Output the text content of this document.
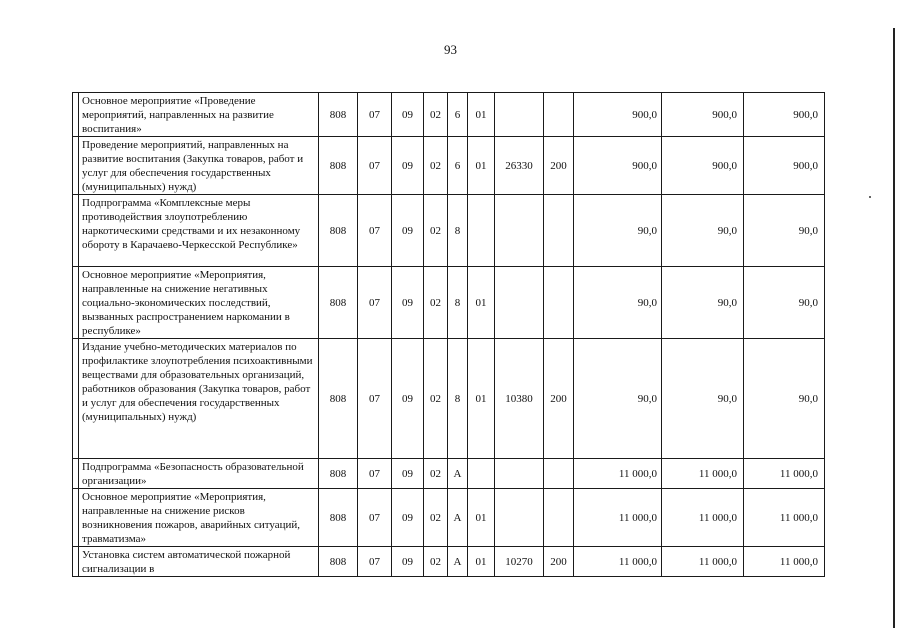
93
	Основное мероприятие «Проведение мероприятий, направленных на развитие воспитания»	808	07	09	02	6	01			900,0	900,0	900,0
	Проведение мероприятий, направленных на развитие воспитания (Закупка товаров, работ и услуг для обеспечения государственных (муниципальных) нужд)	808	07	09	02	6	01	26330	200	900,0	900,0	900,0
	Подпрограмма «Комплексные меры противодействия злоупотреблению наркотическими средствами и их незаконному обороту в Карачаево-Черкесской Республике»	808	07	09	02	8				90,0	90,0	90,0
	Основное мероприятие «Мероприятия, направленные на снижение негативных социально-экономических последствий, вызванных распространением наркомании в республике»	808	07	09	02	8	01			90,0	90,0	90,0
	Издание учебно-методических материалов по профилактике злоупотребления психоактивными веществами для образовательных организаций, работников образования (Закупка товаров, работ и услуг для обеспечения государственных (муниципальных) нужд)	808	07	09	02	8	01	10380	200	90,0	90,0	90,0
	Подпрограмма «Безопасность образовательной организации»	808	07	09	02	А				11 000,0	11 000,0	11 000,0
	Основное мероприятие «Мероприятия, направленные на снижение рисков возникновения пожаров, аварийных ситуаций, травматизма»	808	07	09	02	А	01			11 000,0	11 000,0	11 000,0
	Установка систем автоматической пожарной сигнализации в	808	07	09	02	А	01	10270	200	11 000,0	11 000,0	11 000,0
